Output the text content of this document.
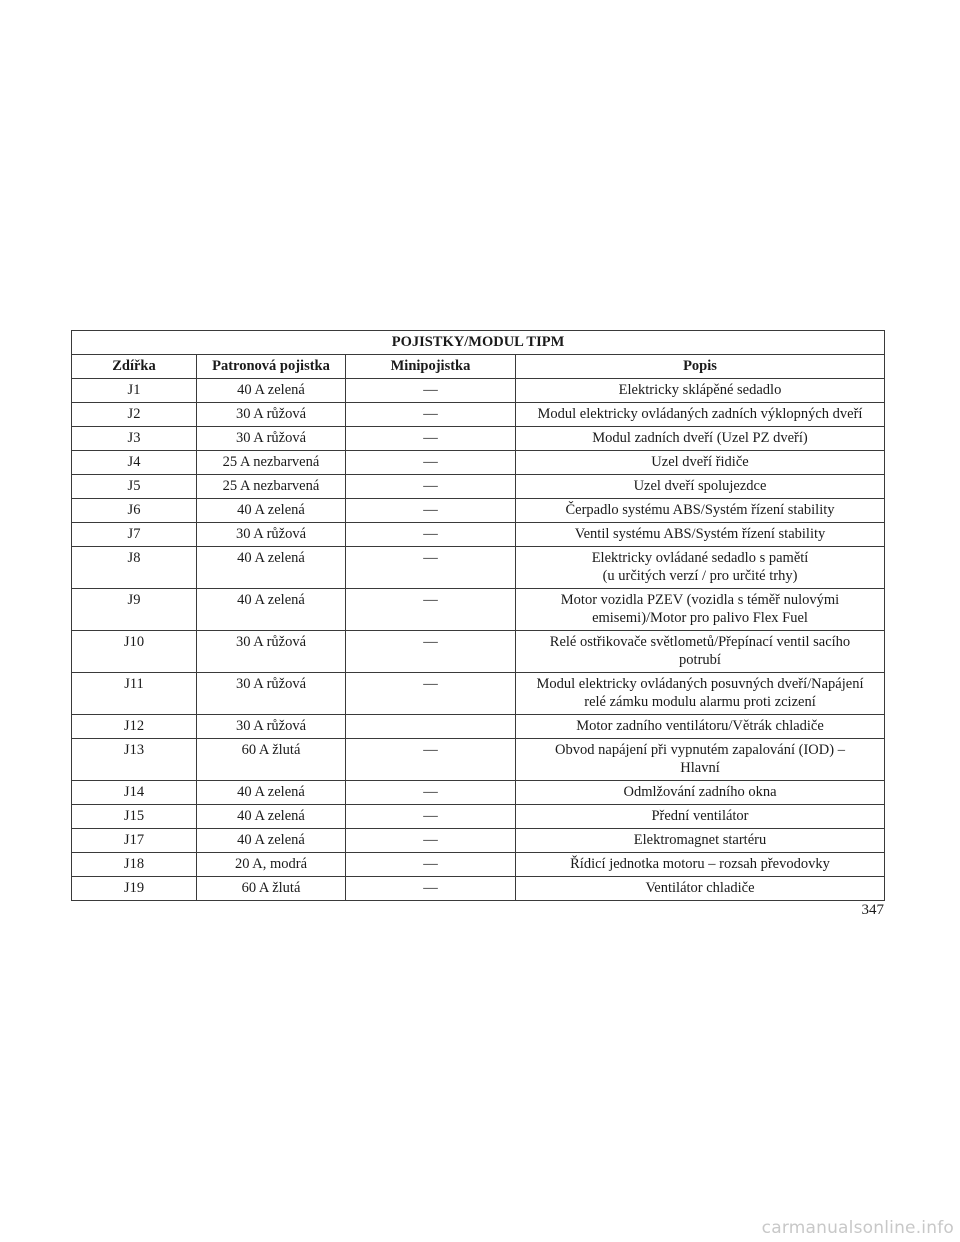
POJISTKY/MODUL TIPM			
Zdířka	Patronová pojistka	Minipojistka	Popis
J1	40 A zelená	—	Elektricky sklápěné sedadlo

J2	30 A růžová	—	Modul elektricky ovládaných zadních výklopných dveří

J3	30 A růžová	—	Modul zadních dveří (Uzel PZ dveří)

J4	25 A nezbarvená	—	Uzel dveří řidiče

J5	25 A nezbarvená	—	Uzel dveří spolujezdce

J6	40 A zelená	—	Čerpadlo systému ABS/Systém řízení stability

J7	30 A růžová	—	Ventil systému ABS/Systém řízení stability

J8	40 A zelená	—	Elektricky ovládané sedadlo s pamětí
(u určitých verzí / pro určité trhy)

J9	40 A zelená	—	Motor vozidla PZEV (vozidla s téměř nulovými
emisemi)/Motor pro palivo Flex Fuel

J10	30 A růžová	—	Relé ostřikovače světlometů/Přepínací ventil sacího
potrubí

J11	30 A růžová	—	Modul elektricky ovládaných posuvných dveří/Napájení
relé zámku modulu alarmu proti zcizení

J12	30 A růžová		Motor zadního ventilátoru/Větrák chladiče

J13	60 A žlutá	—	Obvod napájení při vypnutém zapalování (IOD) –
Hlavní

J14	40 A zelená	—	Odmlžování zadního okna

J15	40 A zelená	—	Přední ventilátor

J17	40 A zelená	—	Elektromagnet startéru

J18	20 A, modrá	—	Řídicí jednotka motoru – rozsah převodovky

J19	60 A žlutá	—	Ventilátor chladiče
347
carmanualsonline.info
